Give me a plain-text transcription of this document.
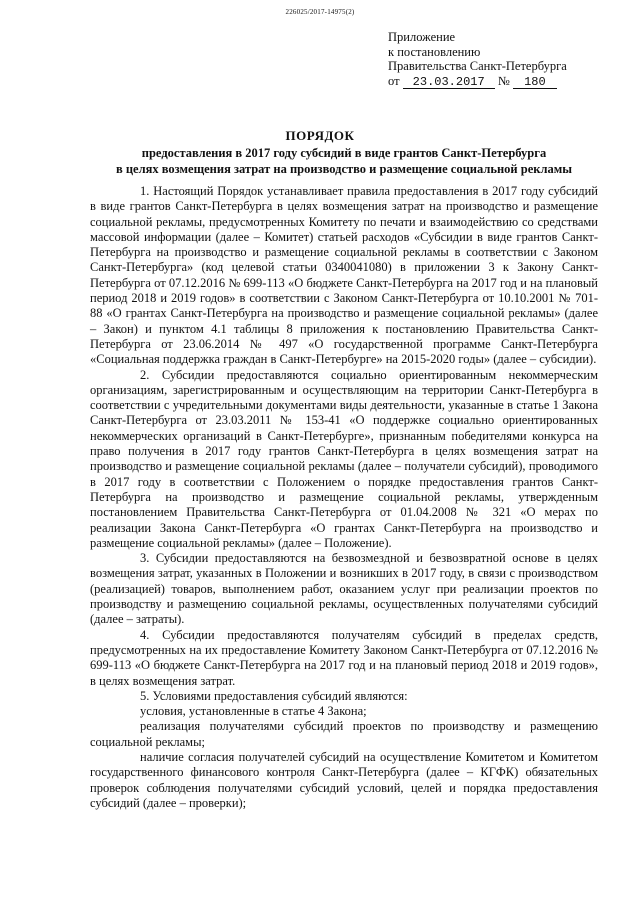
226025/2017-14975(2)
Приложение
к постановлению
Правительства Санкт-Петербурга
от 23.03.2017 № 180
ПОРЯДОК
предоставления в 2017 году субсидий в виде грантов Санкт-Петербурга
в целях возмещения затрат на производство и размещение социальной рекламы

1. Настоящий Порядок устанавливает правила предоставления в 2017 году субсидий в виде грантов Санкт-Петербурга в целях возмещения затрат на производство и размещение социальной рекламы, предусмотренных Комитету по печати и взаимодействию со средствами массовой информации (далее – Комитет) статьей расходов «Субсидии в виде грантов Санкт-Петербурга на производство и размещение социальной рекламы в соответствии с Законом Санкт-Петербурга» (код целевой статьи 0340041080) в приложении 3 к Закону Санкт-Петербурга от 07.12.2016 № 699-113 «О бюджете Санкт-Петербурга на 2017 год и на плановый период 2018 и 2019 годов» в соответствии с Законом Санкт-Петербурга от 10.10.2001 № 701-88 «О грантах Санкт-Петербурга на производство и размещение социальной рекламы» (далее – Закон) и пунктом 4.1 таблицы 8 приложения к постановлению Правительства Санкт-Петербурга от 23.06.2014 № 497 «О государственной программе Санкт-Петербурга «Социальная поддержка граждан в Санкт-Петербурге» на 2015-2020 годы» (далее – субсидии).

2. Субсидии предоставляются социально ориентированным некоммерческим организациям, зарегистрированным и осуществляющим на территории Санкт-Петербурга в соответствии с учредительными документами виды деятельности, указанные в статье 1 Закона Санкт-Петербурга от 23.03.2011 № 153-41 «О поддержке социально ориентированных некоммерческих организаций в Санкт-Петербурге», признанным победителями конкурса на право получения в 2017 году грантов Санкт-Петербурга в целях возмещения затрат на производство и размещение социальной рекламы (далее – получатели субсидий), проводимого в 2017 году в соответствии с Положением о порядке предоставления грантов Санкт-Петербурга на производство и размещение социальной рекламы, утвержденным постановлением Правительства Санкт-Петербурга от 01.04.2008 № 321 «О мерах по реализации Закона Санкт-Петербурга «О грантах Санкт-Петербурга на производство и размещение социальной рекламы» (далее – Положение).

3. Субсидии предоставляются на безвозмездной и безвозвратной основе в целях возмещения затрат, указанных в Положении и возникших в 2017 году, в связи с производством (реализацией) товаров, выполнением работ, оказанием услуг при реализации проектов по производству и размещению социальной рекламы, осуществленных получателями субсидий (далее – затраты).

4. Субсидии предоставляются получателям субсидий в пределах средств, предусмотренных на их предоставление Комитету Законом Санкт-Петербурга от 07.12.2016 № 699-113 «О бюджете Санкт-Петербурга на 2017 год и на плановый период 2018 и 2019 годов», в целях возмещения затрат.

5. Условиями предоставления субсидий являются:

условия, установленные в статье 4 Закона;

реализация получателями субсидий проектов по производству и размещению социальной рекламы;

наличие согласия получателей субсидий на осуществление Комитетом и Комитетом государственного финансового контроля Санкт-Петербурга (далее – КГФК) обязательных проверок соблюдения получателями субсидий условий, целей и порядка предоставления субсидий (далее – проверки);
